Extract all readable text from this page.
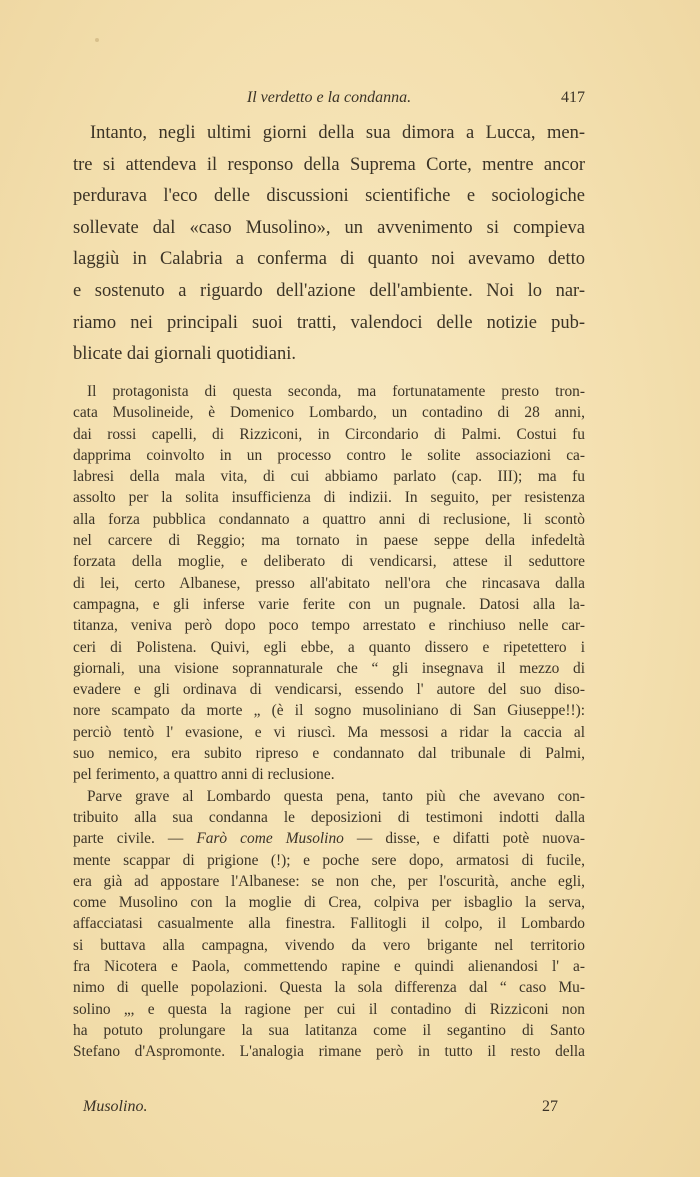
Il verdetto e la condanna.	417
Intanto, negli ultimi giorni della sua dimora a Lucca, men-
tre si attendeva il responso della Suprema Corte, mentre ancor
perdurava l'eco delle discussioni scientifiche e sociologiche
sollevate dal «caso Musolino», un avvenimento si compieva
laggiù in Calabria a conferma di quanto noi avevamo detto
e sostenuto a riguardo dell'azione dell'ambiente. Noi lo nar-
riamo nei principali suoi tratti, valendoci delle notizie pub-
blicate dai giornali quotidiani.
Il protagonista di questa seconda, ma fortunatamente presto tron-
cata Musolineide, è Domenico Lombardo, un contadino di 28 anni,
dai rossi capelli, di Rizziconi, in Circondario di Palmi. Costui fu
dapprima coinvolto in un processo contro le solite associazioni ca-
labresi della mala vita, di cui abbiamo parlato (cap. III); ma fu
assolto per la solita insufficienza di indizii. In seguito, per resistenza
alla forza pubblica condannato a quattro anni di reclusione, li scontò
nel carcere di Reggio; ma tornato in paese seppe della infedeltà
forzata della moglie, e deliberato di vendicarsi, attese il seduttore
di lei, certo Albanese, presso all'abitato nell'ora che rincasava dalla
campagna, e gli inferse varie ferite con un pugnale. Datosi alla la-
titanza, veniva però dopo poco tempo arrestato e rinchiuso nelle car-
ceri di Polistena. Quivi, egli ebbe, a quanto dissero e ripetettero i
giornali, una visione soprannaturale che “ gli insegnava il mezzo di
evadere e gli ordinava di vendicarsi, essendo l' autore del suo diso-
nore scampato da morte „ (è il sogno musoliniano di San Giuseppe!!):
perciò tentò l' evasione, e vi riuscì. Ma messosi a ridar la caccia al
suo nemico, era subito ripreso e condannato dal tribunale di Palmi,
pel ferimento, a quattro anni di reclusione.
Parve grave al Lombardo questa pena, tanto più che avevano con-
tribuito alla sua condanna le deposizioni di testimoni indotti dalla
parte civile. — Farò come Musolino — disse, e difatti potè nuova-
mente scappar di prigione (!); e poche sere dopo, armatosi di fucile,
era già ad appostare l'Albanese: se non che, per l'oscurità, anche egli,
come Musolino con la moglie di Crea, colpiva per isbaglio la serva,
affacciatasi casualmente alla finestra. Fallitogli il colpo, il Lombardo
si buttava alla campagna, vivendo da vero brigante nel territorio
fra Nicotera e Paola, commettendo rapine e quindi alienandosi l' a-
nimo di quelle popolazioni. Questa la sola differenza dal “ caso Mu-
solino „, e questa la ragione per cui il contadino di Rizziconi non
ha potuto prolungare la sua latitanza come il segantino di Santo
Stefano d'Aspromonte. L'analogia rimane però in tutto il resto della
Musolino.	27
